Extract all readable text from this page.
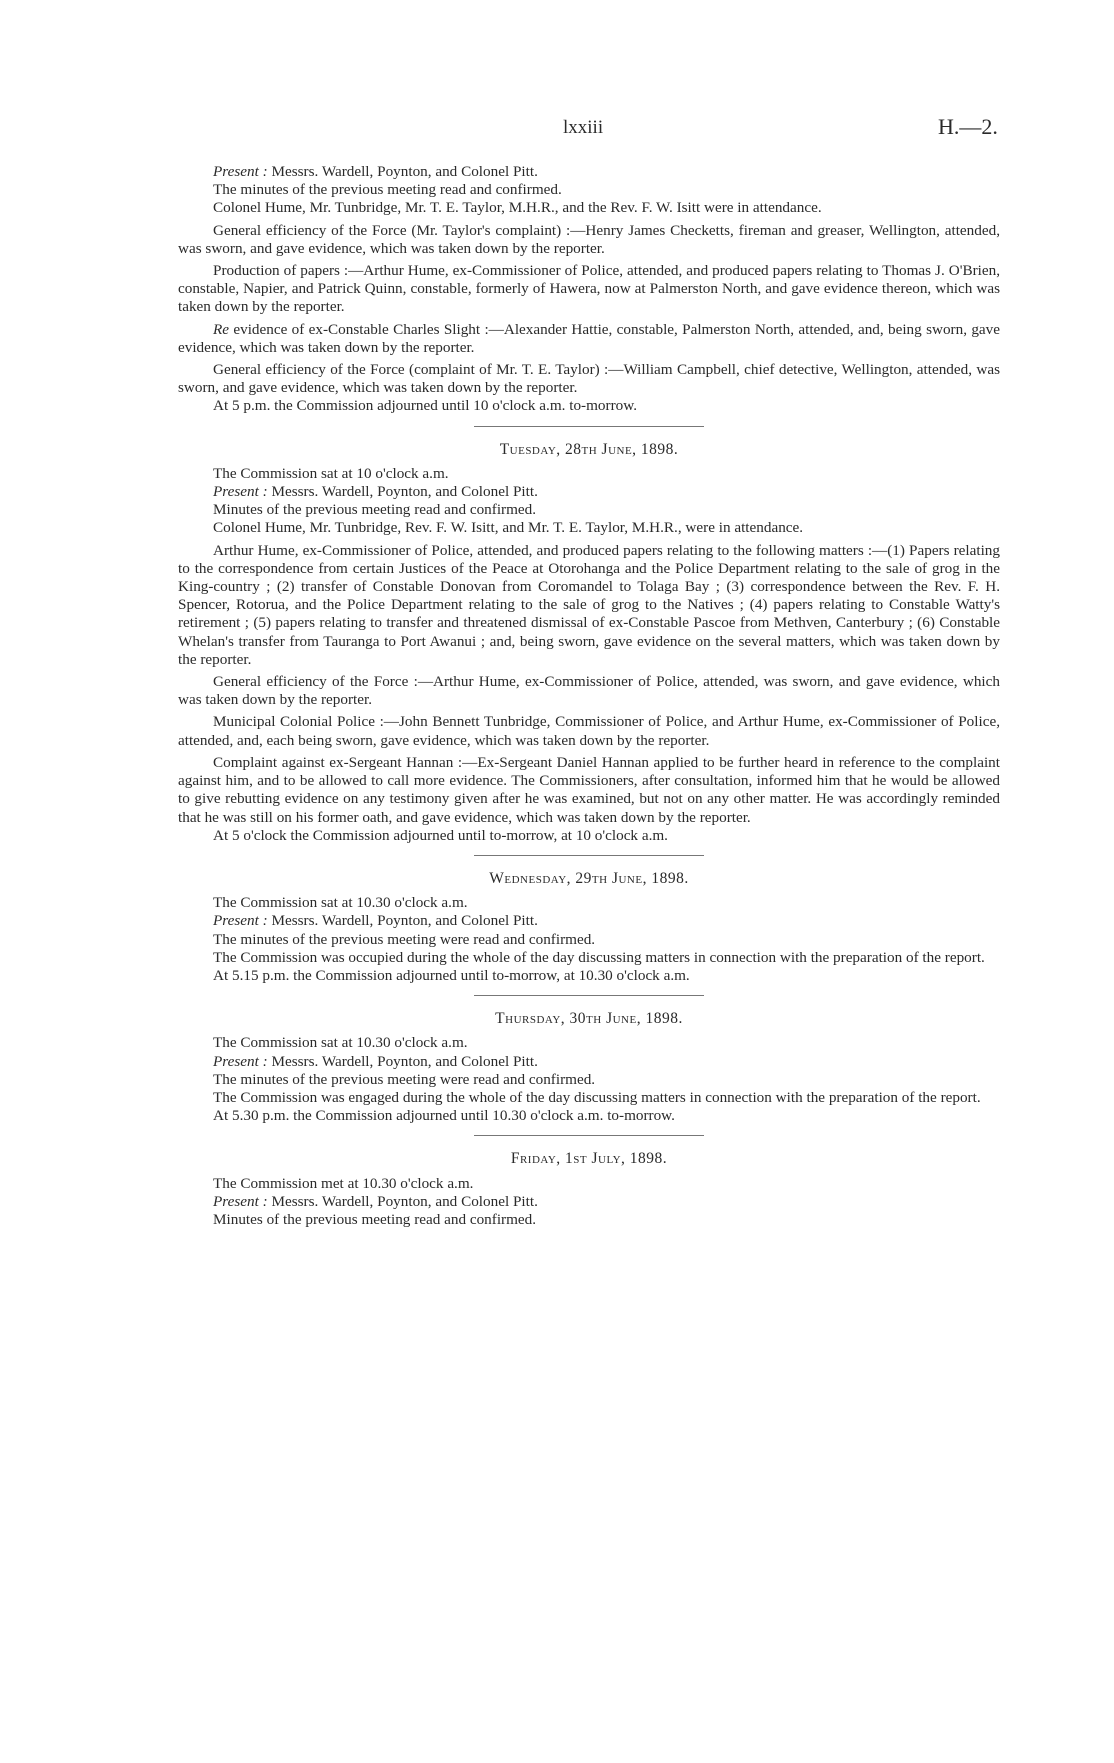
lxxiii	H.—2.

Present : Messrs. Wardell, Poynton, and Colonel Pitt.

The minutes of the previous meeting read and confirmed.

Colonel Hume, Mr. Tunbridge, Mr. T. E. Taylor, M.H.R., and the Rev. F. W. Isitt were in attendance.

General efficiency of the Force (Mr. Taylor's complaint) :—Henry James Checketts, fireman and greaser, Wellington, attended, was sworn, and gave evidence, which was taken down by the reporter.

Production of papers :—Arthur Hume, ex-Commissioner of Police, attended, and produced papers relating to Thomas J. O'Brien, constable, Napier, and Patrick Quinn, constable, formerly of Hawera, now at Palmerston North, and gave evidence thereon, which was taken down by the reporter.

Re evidence of ex-Constable Charles Slight :—Alexander Hattie, constable, Palmerston North, attended, and, being sworn, gave evidence, which was taken down by the reporter.

General efficiency of the Force (complaint of Mr. T. E. Taylor) :—William Campbell, chief detective, Wellington, attended, was sworn, and gave evidence, which was taken down by the reporter.

At 5 p.m. the Commission adjourned until 10 o'clock a.m. to-morrow.

Tuesday, 28th June, 1898.

The Commission sat at 10 o'clock a.m.

Present : Messrs. Wardell, Poynton, and Colonel Pitt.

Minutes of the previous meeting read and confirmed.

Colonel Hume, Mr. Tunbridge, Rev. F. W. Isitt, and Mr. T. E. Taylor, M.H.R., were in attendance.

Arthur Hume, ex-Commissioner of Police, attended, and produced papers relating to the following matters :—(1) Papers relating to the correspondence from certain Justices of the Peace at Otorohanga and the Police Department relating to the sale of grog in the King-country ; (2) transfer of Constable Donovan from Coromandel to Tolaga Bay ; (3) correspondence between the Rev. F. H. Spencer, Rotorua, and the Police Department relating to the sale of grog to the Natives ; (4) papers relating to Constable Watty's retirement ; (5) papers relating to transfer and threatened dismissal of ex-Constable Pascoe from Methven, Canterbury ; (6) Constable Whelan's transfer from Tauranga to Port Awanui ; and, being sworn, gave evidence on the several matters, which was taken down by the reporter.

General efficiency of the Force :—Arthur Hume, ex-Commissioner of Police, attended, was sworn, and gave evidence, which was taken down by the reporter.

Municipal Colonial Police :—John Bennett Tunbridge, Commissioner of Police, and Arthur Hume, ex-Commissioner of Police, attended, and, each being sworn, gave evidence, which was taken down by the reporter.

Complaint against ex-Sergeant Hannan :—Ex-Sergeant Daniel Hannan applied to be further heard in reference to the complaint against him, and to be allowed to call more evidence. The Commissioners, after consultation, informed him that he would be allowed to give rebutting evidence on any testimony given after he was examined, but not on any other matter. He was accordingly reminded that he was still on his former oath, and gave evidence, which was taken down by the reporter.

At 5 o'clock the Commission adjourned until to-morrow, at 10 o'clock a.m.

Wednesday, 29th June, 1898.

The Commission sat at 10.30 o'clock a.m.

Present : Messrs. Wardell, Poynton, and Colonel Pitt.

The minutes of the previous meeting were read and confirmed.

The Commission was occupied during the whole of the day discussing matters in connection with the preparation of the report.

At 5.15 p.m. the Commission adjourned until to-morrow, at 10.30 o'clock a.m.

Thursday, 30th June, 1898.

The Commission sat at 10.30 o'clock a.m.

Present : Messrs. Wardell, Poynton, and Colonel Pitt.

The minutes of the previous meeting were read and confirmed.

The Commission was engaged during the whole of the day discussing matters in connection with the preparation of the report.

At 5.30 p.m. the Commission adjourned until 10.30 o'clock a.m. to-morrow.

Friday, 1st July, 1898.

The Commission met at 10.30 o'clock a.m.

Present : Messrs. Wardell, Poynton, and Colonel Pitt.

Minutes of the previous meeting read and confirmed.
